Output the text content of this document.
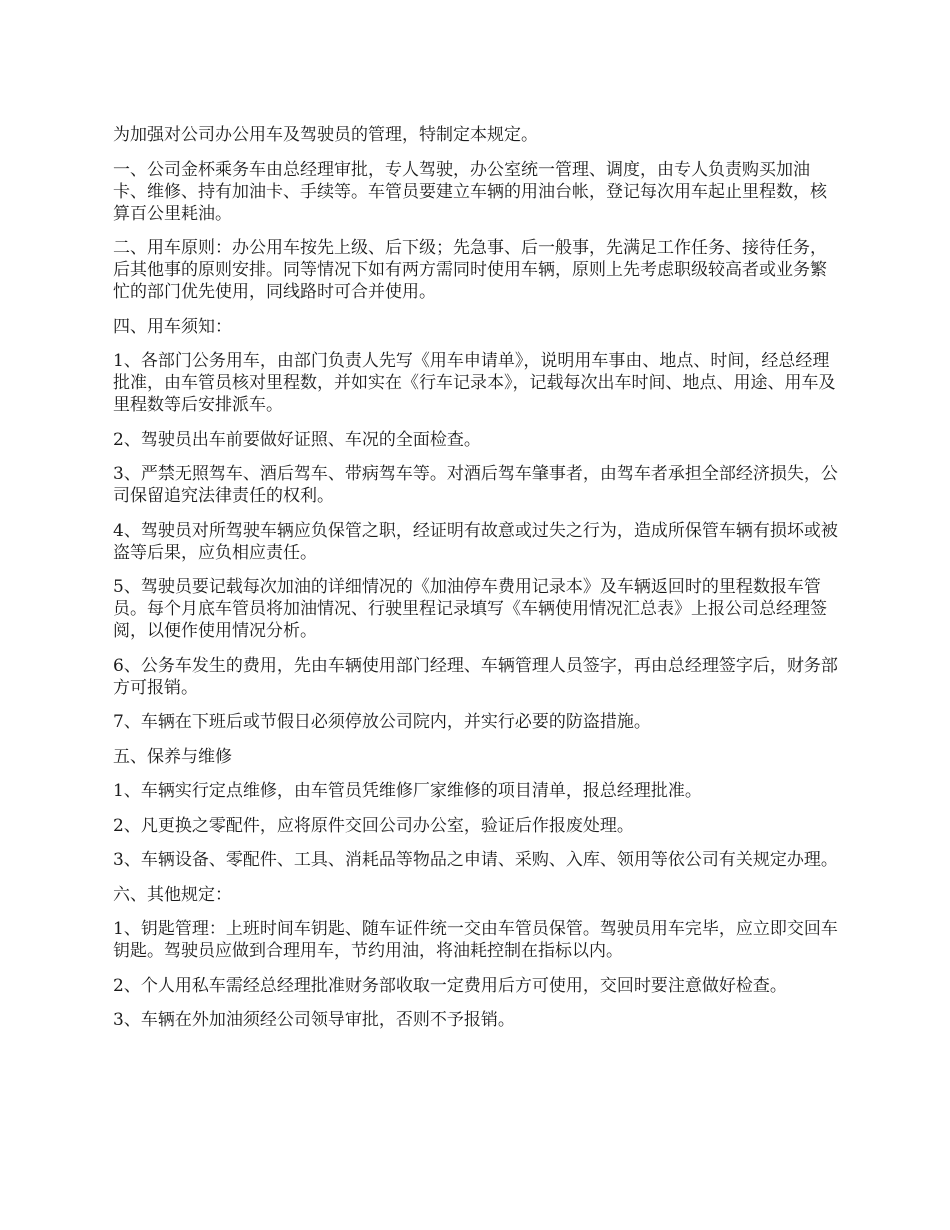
为加强对公司办公用车及驾驶员的管理，特制定本规定。

一、公司金杯乘务车由总经理审批，专人驾驶，办公室统一管理、调度，由专人负责购买加油卡、维修、持有加油卡、手续等。车管员要建立车辆的用油台帐，登记每次用车起止里程数，核算百公里耗油。

二、用车原则：办公用车按先上级、后下级；先急事、后一般事，先满足工作任务、接待任务，后其他事的原则安排。同等情况下如有两方需同时使用车辆，原则上先考虑职级较高者或业务繁忙的部门优先使用，同线路时可合并使用。

四、用车须知：

1、各部门公务用车，由部门负责人先写《用车申请单》，说明用车事由、地点、时间，经总经理批准，由车管员核对里程数，并如实在《行车记录本》，记载每次出车时间、地点、用途、用车及里程数等后安排派车。

2、驾驶员出车前要做好证照、车况的全面检查。

3、严禁无照驾车、酒后驾车、带病驾车等。对酒后驾车肇事者，由驾车者承担全部经济损失，公司保留追究法律责任的权利。

4、驾驶员对所驾驶车辆应负保管之职，经证明有故意或过失之行为，造成所保管车辆有损坏或被盗等后果，应负相应责任。

5、驾驶员要记载每次加油的详细情况的《加油停车费用记录本》及车辆返回时的里程数报车管员。每个月底车管员将加油情况、行驶里程记录填写《车辆使用情况汇总表》上报公司总经理签阅，以便作使用情况分析。

6、公务车发生的费用，先由车辆使用部门经理、车辆管理人员签字，再由总经理签字后，财务部方可报销。

7、车辆在下班后或节假日必须停放公司院内，并实行必要的防盗措施。

五、保养与维修

1、车辆实行定点维修，由车管员凭维修厂家维修的项目清单，报总经理批准。

2、凡更换之零配件，应将原件交回公司办公室，验证后作报废处理。

3、车辆设备、零配件、工具、消耗品等物品之申请、采购、入库、领用等依公司有关规定办理。

六、其他规定：

1、钥匙管理：上班时间车钥匙、随车证件统一交由车管员保管。驾驶员用车完毕，应立即交回车钥匙。驾驶员应做到合理用车，节约用油，将油耗控制在指标以内。

2、个人用私车需经总经理批准财务部收取一定费用后方可使用，交回时要注意做好检查。

3、车辆在外加油须经公司领导审批，否则不予报销。
